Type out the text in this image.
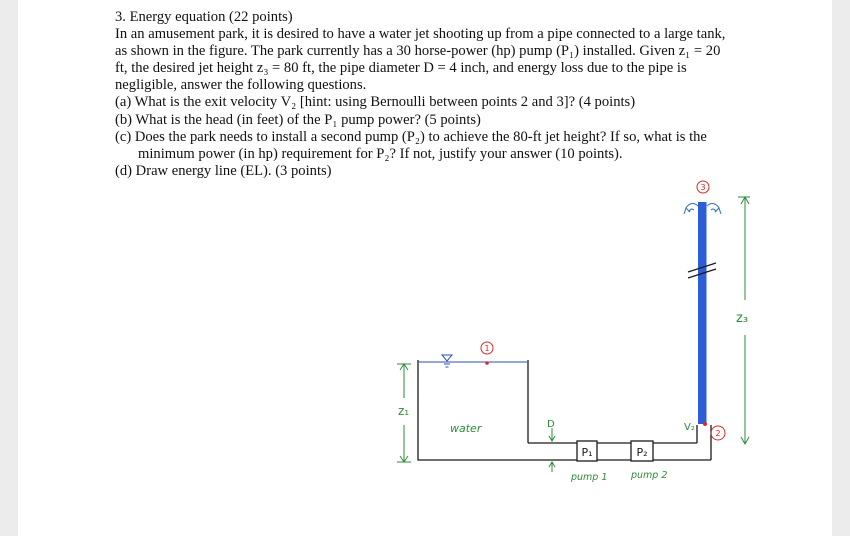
3. Energy equation (22 points)

In an amusement park, it is desired to have a water jet shooting up from a pipe connected to a large tank,

as shown in the figure. The park currently has a 30 horse-power (hp) pump (P₁) installed. Given z₁ = 20

ft, the desired jet height z₃ = 80 ft, the pipe diameter D = 4 inch, and energy loss due to the pipe is

negligible, answer the following questions.

(a) What is the exit velocity V₂ [hint: using Bernoulli between points 2 and 3]? (4 points)

(b) What is the head (in feet) of the P₁ pump power? (5 points)

(c) Does the park needs to install a second pump (P₂) to achieve the 80-ft jet height? If so, what is the

minimum power (in hp) requirement for P₂? If not, justify your answer (10 points).

(d) Draw energy line (EL). (3 points)

1
P₁	P₂
3
2
V₂
z₁
z₃
D
water
pump 1 pump 2
